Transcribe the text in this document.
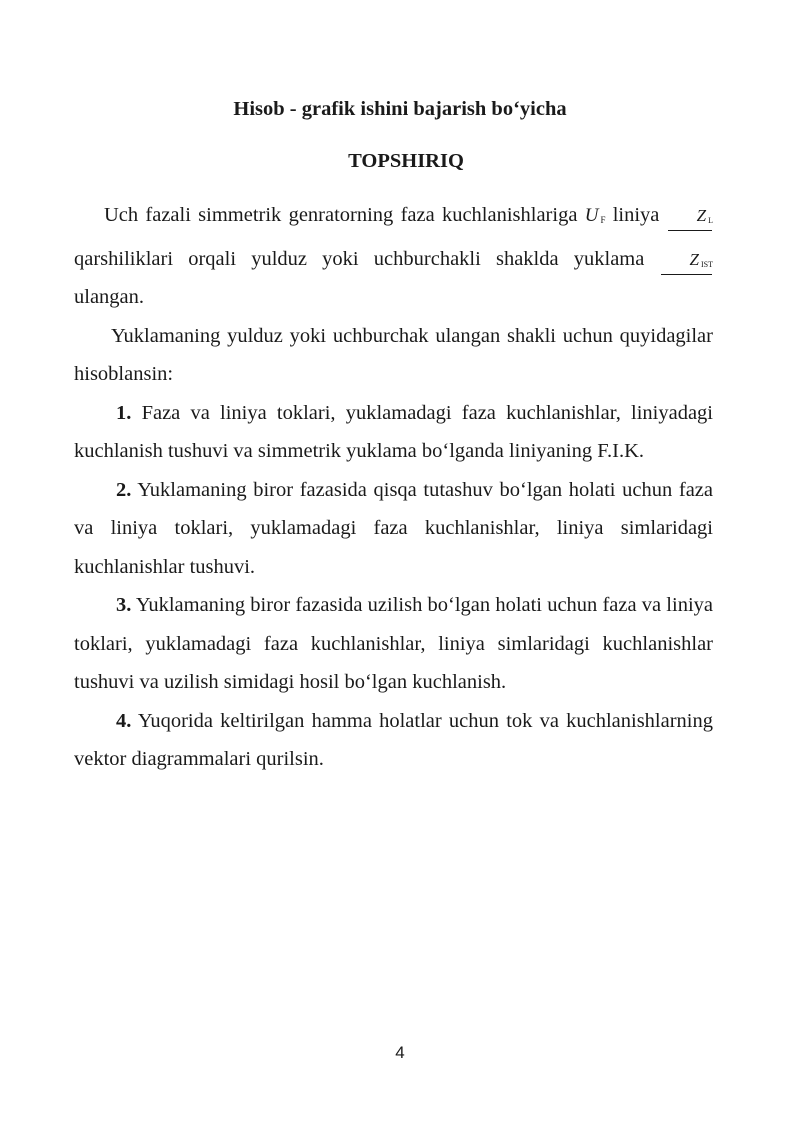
Hisob - grafik ishini bajarish bo‘yicha
TOPSHIRIQ

Uch fazali simmetrik genratorning faza kuchlanishlariga U $_F$ liniya Z L
qarshiliklari orqali yulduz yoki uchburchakli shaklda yuklama	Z IST
ulangan.

Yuklamaning yulduz yoki uchburchak ulangan shakli uchun quyidagilar hisoblansin:

1. Faza va liniya toklari, yuklamadagi faza kuchlanishlar, liniyadagi kuchlanish tushuvi va simmetrik yuklama bo‘lganda liniyaning F.I.K.

2. Yuklamaning biror fazasida qisqa tutashuv bo‘lgan holati uchun faza va liniya toklari, yuklamadagi faza kuchlanishlar, liniya simlaridagi kuchlanishlar tushuvi.

3. Yuklamaning biror fazasida uzilish bo‘lgan holati uchun faza va liniya toklari, yuklamadagi faza kuchlanishlar, liniya simlaridagi kuchlanishlar tushuvi va uzilish simidagi hosil bo‘lgan kuchlanish.

4. Yuqorida keltirilgan hamma holatlar uchun tok va kuchlanishlarning vektor diagrammalari qurilsin.

4
